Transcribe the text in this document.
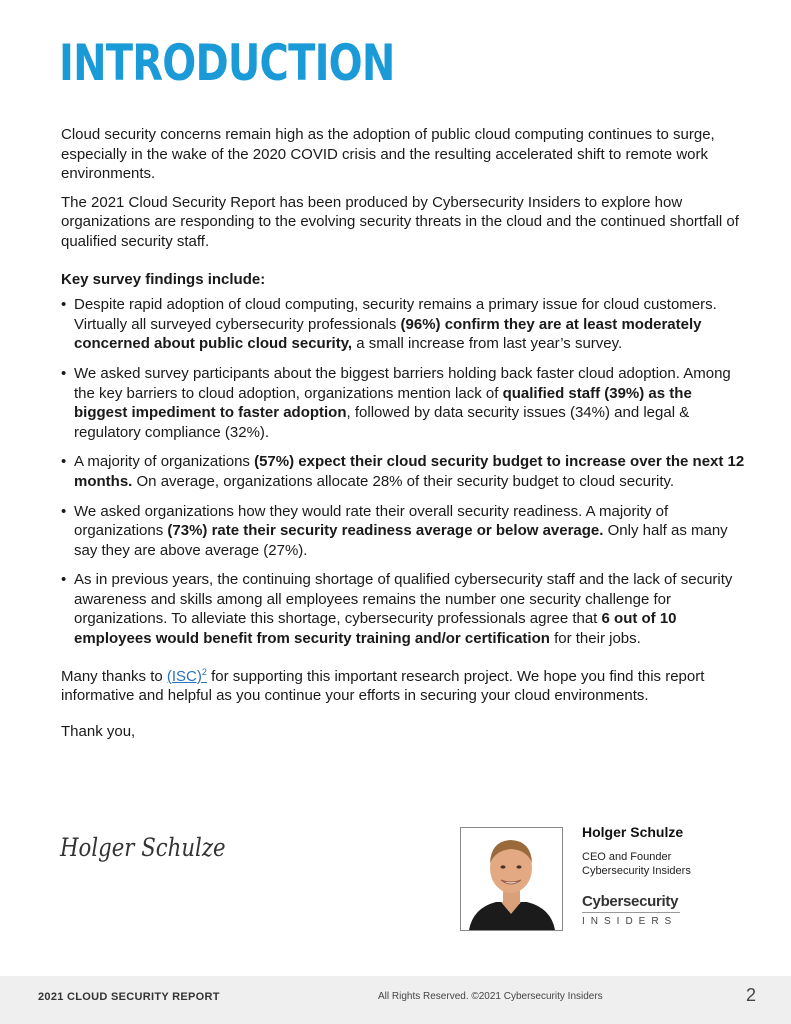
INTRODUCTION

Cloud security concerns remain high as the adoption of public cloud computing continues to surge, especially in the wake of the 2020 COVID crisis and the resulting accelerated shift to remote work environments.

The 2021 Cloud Security Report has been produced by Cybersecurity Insiders to explore how organizations are responding to the evolving security threats in the cloud and the continued shortfall of qualified security staff.

Key survey findings include:

• Despite rapid adoption of cloud computing, security remains a primary issue for cloud customers. Virtually all surveyed cybersecurity professionals (96%) confirm they are at least moderately concerned about public cloud security, a small increase from last year’s survey.
• We asked survey participants about the biggest barriers holding back faster cloud adoption. Among the key barriers to cloud adoption, organizations mention lack of qualified staff (39%) as the biggest impediment to faster adoption, followed by data security issues (34%) and legal & regulatory compliance (32%).
• A majority of organizations (57%) expect their cloud security budget to increase over the next 12 months. On average, organizations allocate 28% of their security budget to cloud security.
• We asked organizations how they would rate their overall security readiness. A majority of organizations (73%) rate their security readiness average or below average. Only half as many say they are above average (27%).
• As in previous years, the continuing shortage of qualified cybersecurity staff and the lack of security awareness and skills among all employees remains the number one security challenge for organizations. To alleviate this shortage, cybersecurity professionals agree that 6 out of 10 employees would benefit from security training and/or certification for their jobs.

Many thanks to (ISC)$^2$ for supporting this important research project. We hope you find this report informative and helpful as you continue your efforts in securing your cloud environments.

Thank you,

Holger Schulze
Holger Schulze
CEO and Founder
Cybersecurity Insiders
Cybersecurity
INSIDERS
2021 CLOUD SECURITY REPORT	All Rights Reserved. ©2021 Cybersecurity Insiders	2
